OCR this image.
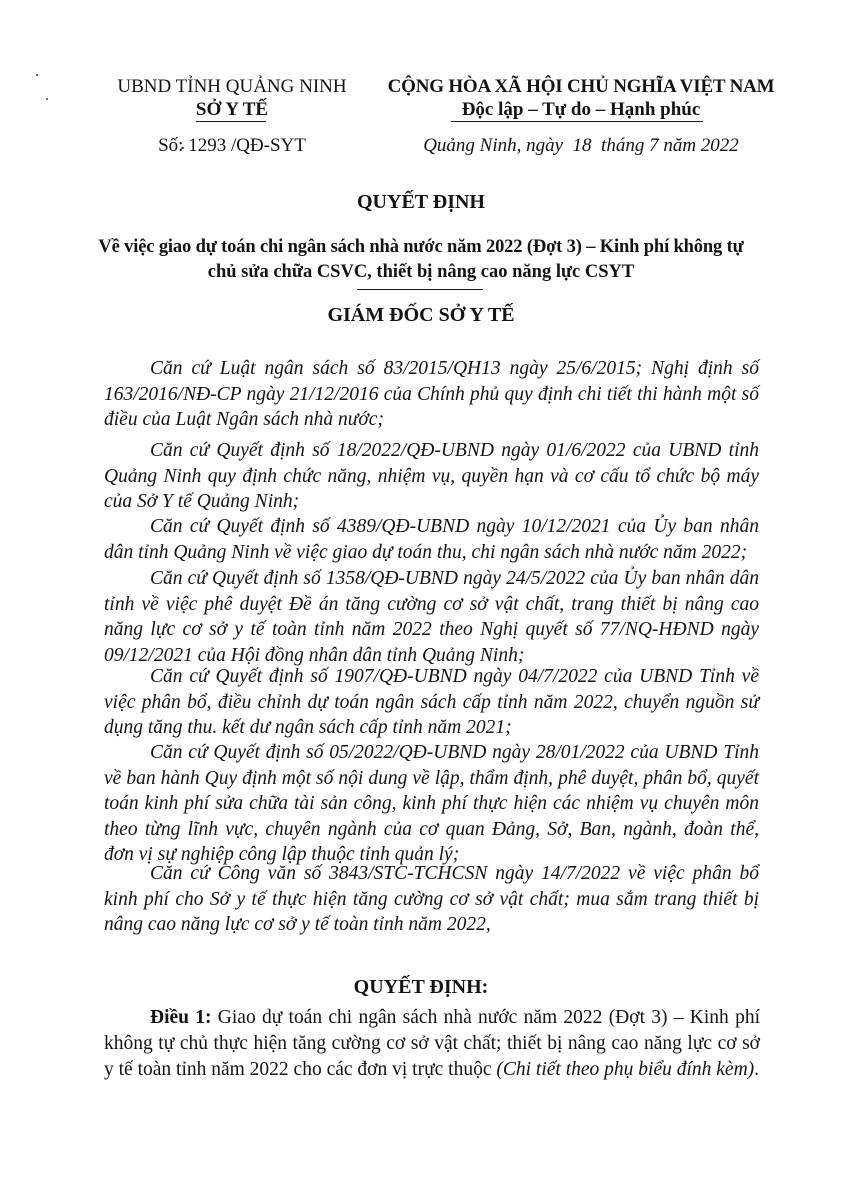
UBND TỈNH QUẢNG NINH
SỞ Y TẾ
Số: 1293 /QĐ-SYT
CỘNG HÒA XÃ HỘI CHỦ NGHĨA VIỆT NAM
Độc lập – Tự do – Hạnh phúc
Quảng Ninh, ngày  18  tháng 7 năm 2022
QUYẾT ĐỊNH
Về việc giao dự toán chi ngân sách nhà nước năm 2022 (Đợt 3) – Kinh phí không tự
chủ sửa chữa CSVC, thiết bị nâng cao năng lực CSYT
GIÁM ĐỐC SỞ Y TẾ
Căn cứ Luật ngân sách số 83/2015/QH13 ngày 25/6/2015; Nghị định số 163/2016/NĐ-CP ngày 21/12/2016 của Chính phủ quy định chi tiết thi hành một số điều của Luật Ngân sách nhà nước;
Căn cứ Quyết định số 18/2022/QĐ-UBND ngày 01/6/2022 của UBND tỉnh Quảng Ninh quy định chức năng, nhiệm vụ, quyền hạn và cơ cấu tổ chức bộ máy của Sở Y tế Quảng Ninh;
Căn cứ Quyết định số 4389/QĐ-UBND ngày 10/12/2021 của Ủy ban nhân dân tỉnh Quảng Ninh về việc giao dự toán thu, chi ngân sách nhà nước năm 2022;
Căn cứ Quyết định số 1358/QĐ-UBND ngày 24/5/2022 của Ủy ban nhân dân tỉnh về việc phê duyệt Đề án tăng cường cơ sở vật chất, trang thiết bị nâng cao năng lực cơ sở y tế toàn tỉnh năm 2022 theo Nghị quyết số 77/NQ-HĐND ngày 09/12/2021 của Hội đồng nhân dân tỉnh Quảng Ninh;
Căn cứ Quyết định số 1907/QĐ-UBND ngày 04/7/2022 của UBND Tỉnh về việc phân bổ, điều chỉnh dự toán ngân sách cấp tỉnh năm 2022, chuyển nguồn sử dụng tăng thu. kết dư ngân sách cấp tỉnh năm 2021;
Căn cứ Quyết định số 05/2022/QĐ-UBND ngày 28/01/2022 của UBND Tỉnh về ban hành Quy định một số nội dung về lập, thẩm định, phê duyệt, phân bổ, quyết toán kinh phí sửa chữa tài sản công, kinh phí thực hiện các nhiệm vụ chuyên môn theo từng lĩnh vực, chuyên ngành của cơ quan Đảng, Sở, Ban, ngành, đoàn thể, đơn vị sự nghiệp công lập thuộc tỉnh quản lý;
Căn cứ Công văn số 3843/STC-TCHCSN ngày 14/7/2022 về việc phân bổ kinh phí cho Sở y tế thực hiện tăng cường cơ sở vật chất; mua sắm trang thiết bị nâng cao năng lực cơ sở y tế toàn tỉnh năm 2022,
QUYẾT ĐỊNH:
Điều 1: Giao dự toán chi ngân sách nhà nước năm 2022 (Đợt 3) – Kinh phí không tự chủ thực hiện tăng cường cơ sở vật chất; thiết bị nâng cao năng lực cơ sở y tế toàn tỉnh năm 2022 cho các đơn vị trực thuộc (Chi tiết theo phụ biểu đính kèm).
